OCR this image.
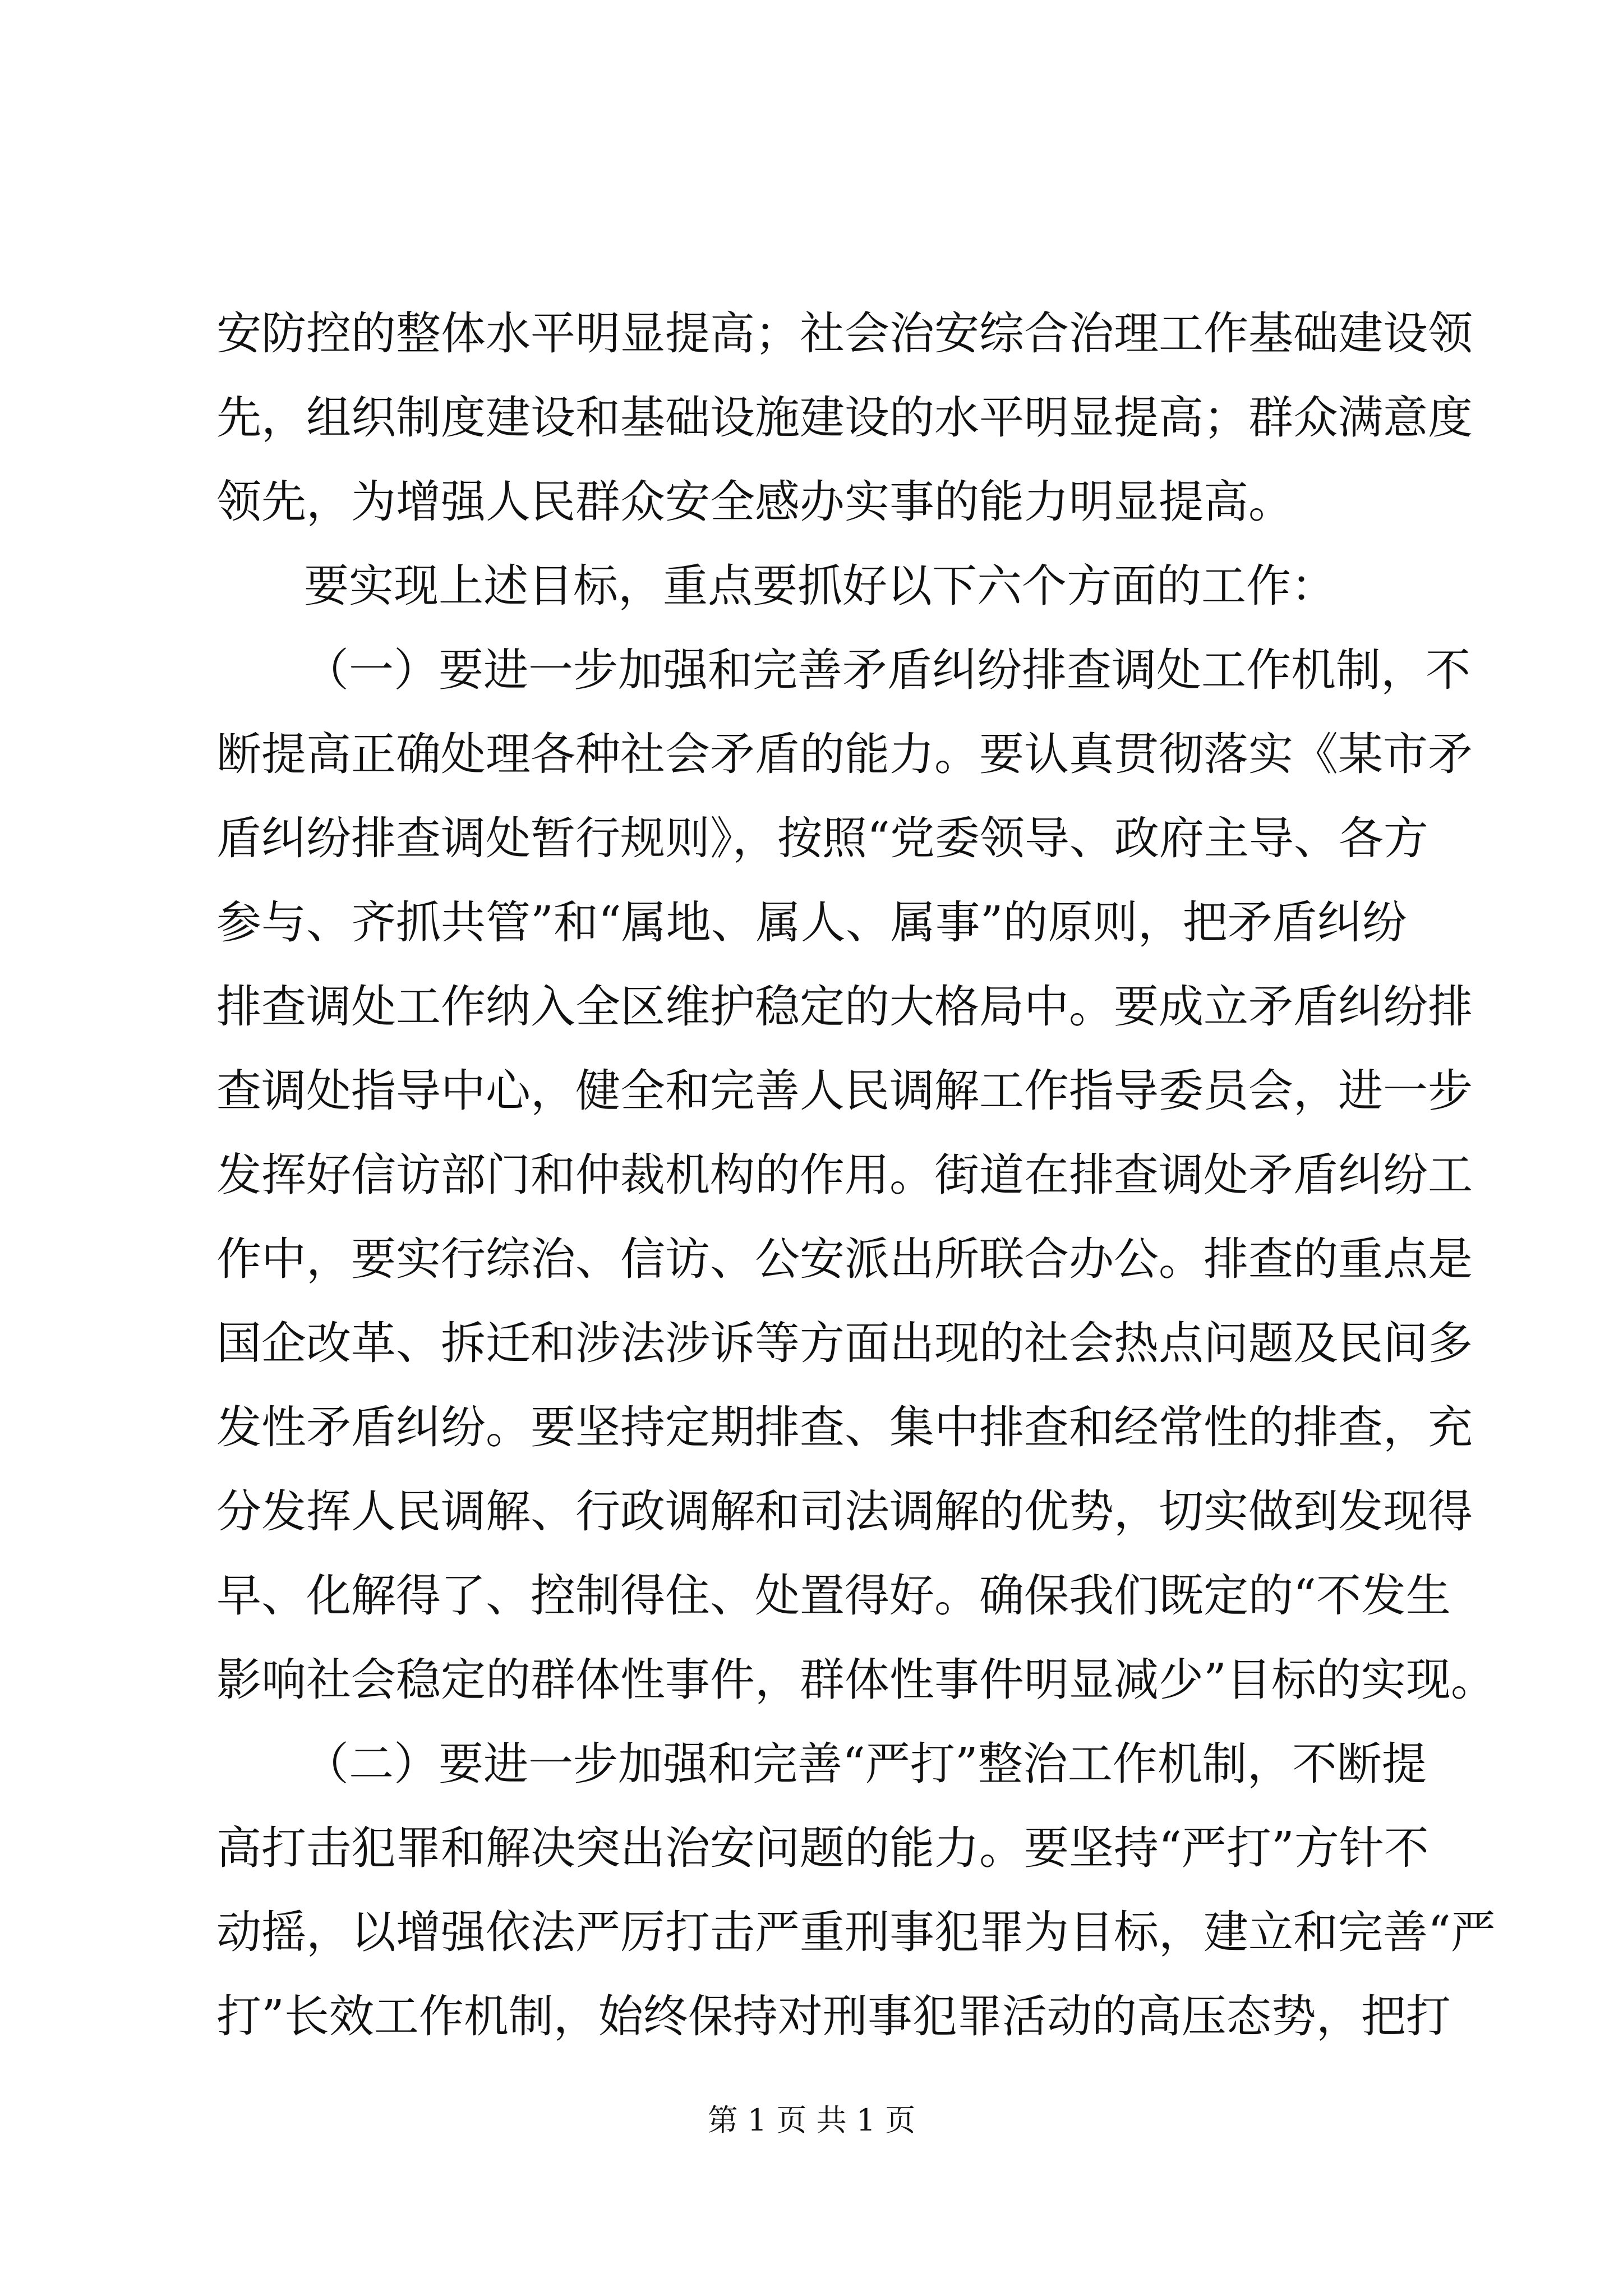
安防控的整体水平明显提高；社会治安综合治理工作基础建设领
先，组织制度建设和基础设施建设的水平明显提高；群众满意度
领先，为增强人民群众安全感办实事的能力明显提高。
要实现上述目标，重点要抓好以下六个方面的工作：
（一）要进一步加强和完善矛盾纠纷排查调处工作机制，不
断提高正确处理各种社会矛盾的能力。要认真贯彻落实《某市矛
盾纠纷排查调处暂行规则》，按照“党委领导、政府主导、各方
参与、齐抓共管”和“属地、属人、属事”的原则，把矛盾纠纷
排查调处工作纳入全区维护稳定的大格局中。要成立矛盾纠纷排
查调处指导中心，健全和完善人民调解工作指导委员会，进一步
发挥好信访部门和仲裁机构的作用。街道在排查调处矛盾纠纷工
作中，要实行综治、信访、公安派出所联合办公。排查的重点是
国企改革、拆迁和涉法涉诉等方面出现的社会热点问题及民间多
发性矛盾纠纷。要坚持定期排查、集中排查和经常性的排查，充
分发挥人民调解、行政调解和司法调解的优势，切实做到发现得
早、化解得了、控制得住、处置得好。确保我们既定的“不发生
影响社会稳定的群体性事件，群体性事件明显减少”目标的实现。
（二）要进一步加强和完善“严打”整治工作机制，不断提
高打击犯罪和解决突出治安问题的能力。要坚持“严打”方针不
动摇，以增强依法严厉打击严重刑事犯罪为目标，建立和完善“严
打”长效工作机制，始终保持对刑事犯罪活动的高压态势，把打
第 1 页 共 1 页
